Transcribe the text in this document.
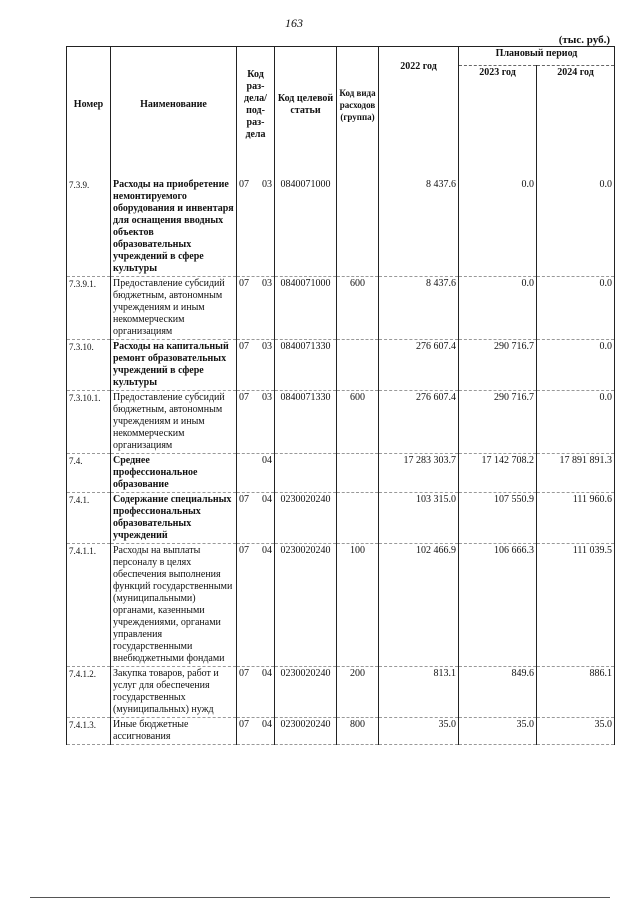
163
(тыс. руб.)
Номер	Наименование	Код раз-дела/ под-раз-дела	Код целевой статьи	Код вида расходов (группа)	2022 год	Плановый период	
						2023 год	2024 год

7.3.9.	Расходы на приобретение немонтируемого оборудования и инвентаря для оснащения вводных объектов образовательных учреждений в сфере культуры	07 03	0840071000		8 437.6	0.0	0.0
7.3.9.1.	Предоставление субсидий бюджетным, автономным учреждениям и иным некоммерческим организациям	07 03	0840071000	600	8 437.6	0.0	0.0
7.3.10.	Расходы на капитальный ремонт образовательных учреждений в сфере культуры	07 03	0840071330		276 607.4	290 716.7	0.0
7.3.10.1.	Предоставление субсидий бюджетным, автономным учреждениям и иным некоммерческим организациям	07 03	0840071330	600	276 607.4	290 716.7	0.0
7.4.	Среднее профессиональное образование	04			17 283 303.7	17 142 708.2	17 891 891.3
7.4.1.	Содержание специальных профессиональных образовательных учреждений	07 04	0230020240		103 315.0	107 550.9	111 960.6
7.4.1.1.	Расходы на выплаты персоналу в целях обеспечения выполнения функций государственными (муниципальными) органами, казенными учреждениями, органами управления государственными внебюджетными фондами	07 04	0230020240	100	102 466.9	106 666.3	111 039.5
7.4.1.2.	Закупка товаров, работ и услуг для обеспечения государственных (муниципальных) нужд	07 04	0230020240	200	813.1	849.6	886.1
7.4.1.3.	Иные бюджетные ассигнования	07 04	0230020240	800	35.0	35.0	35.0
